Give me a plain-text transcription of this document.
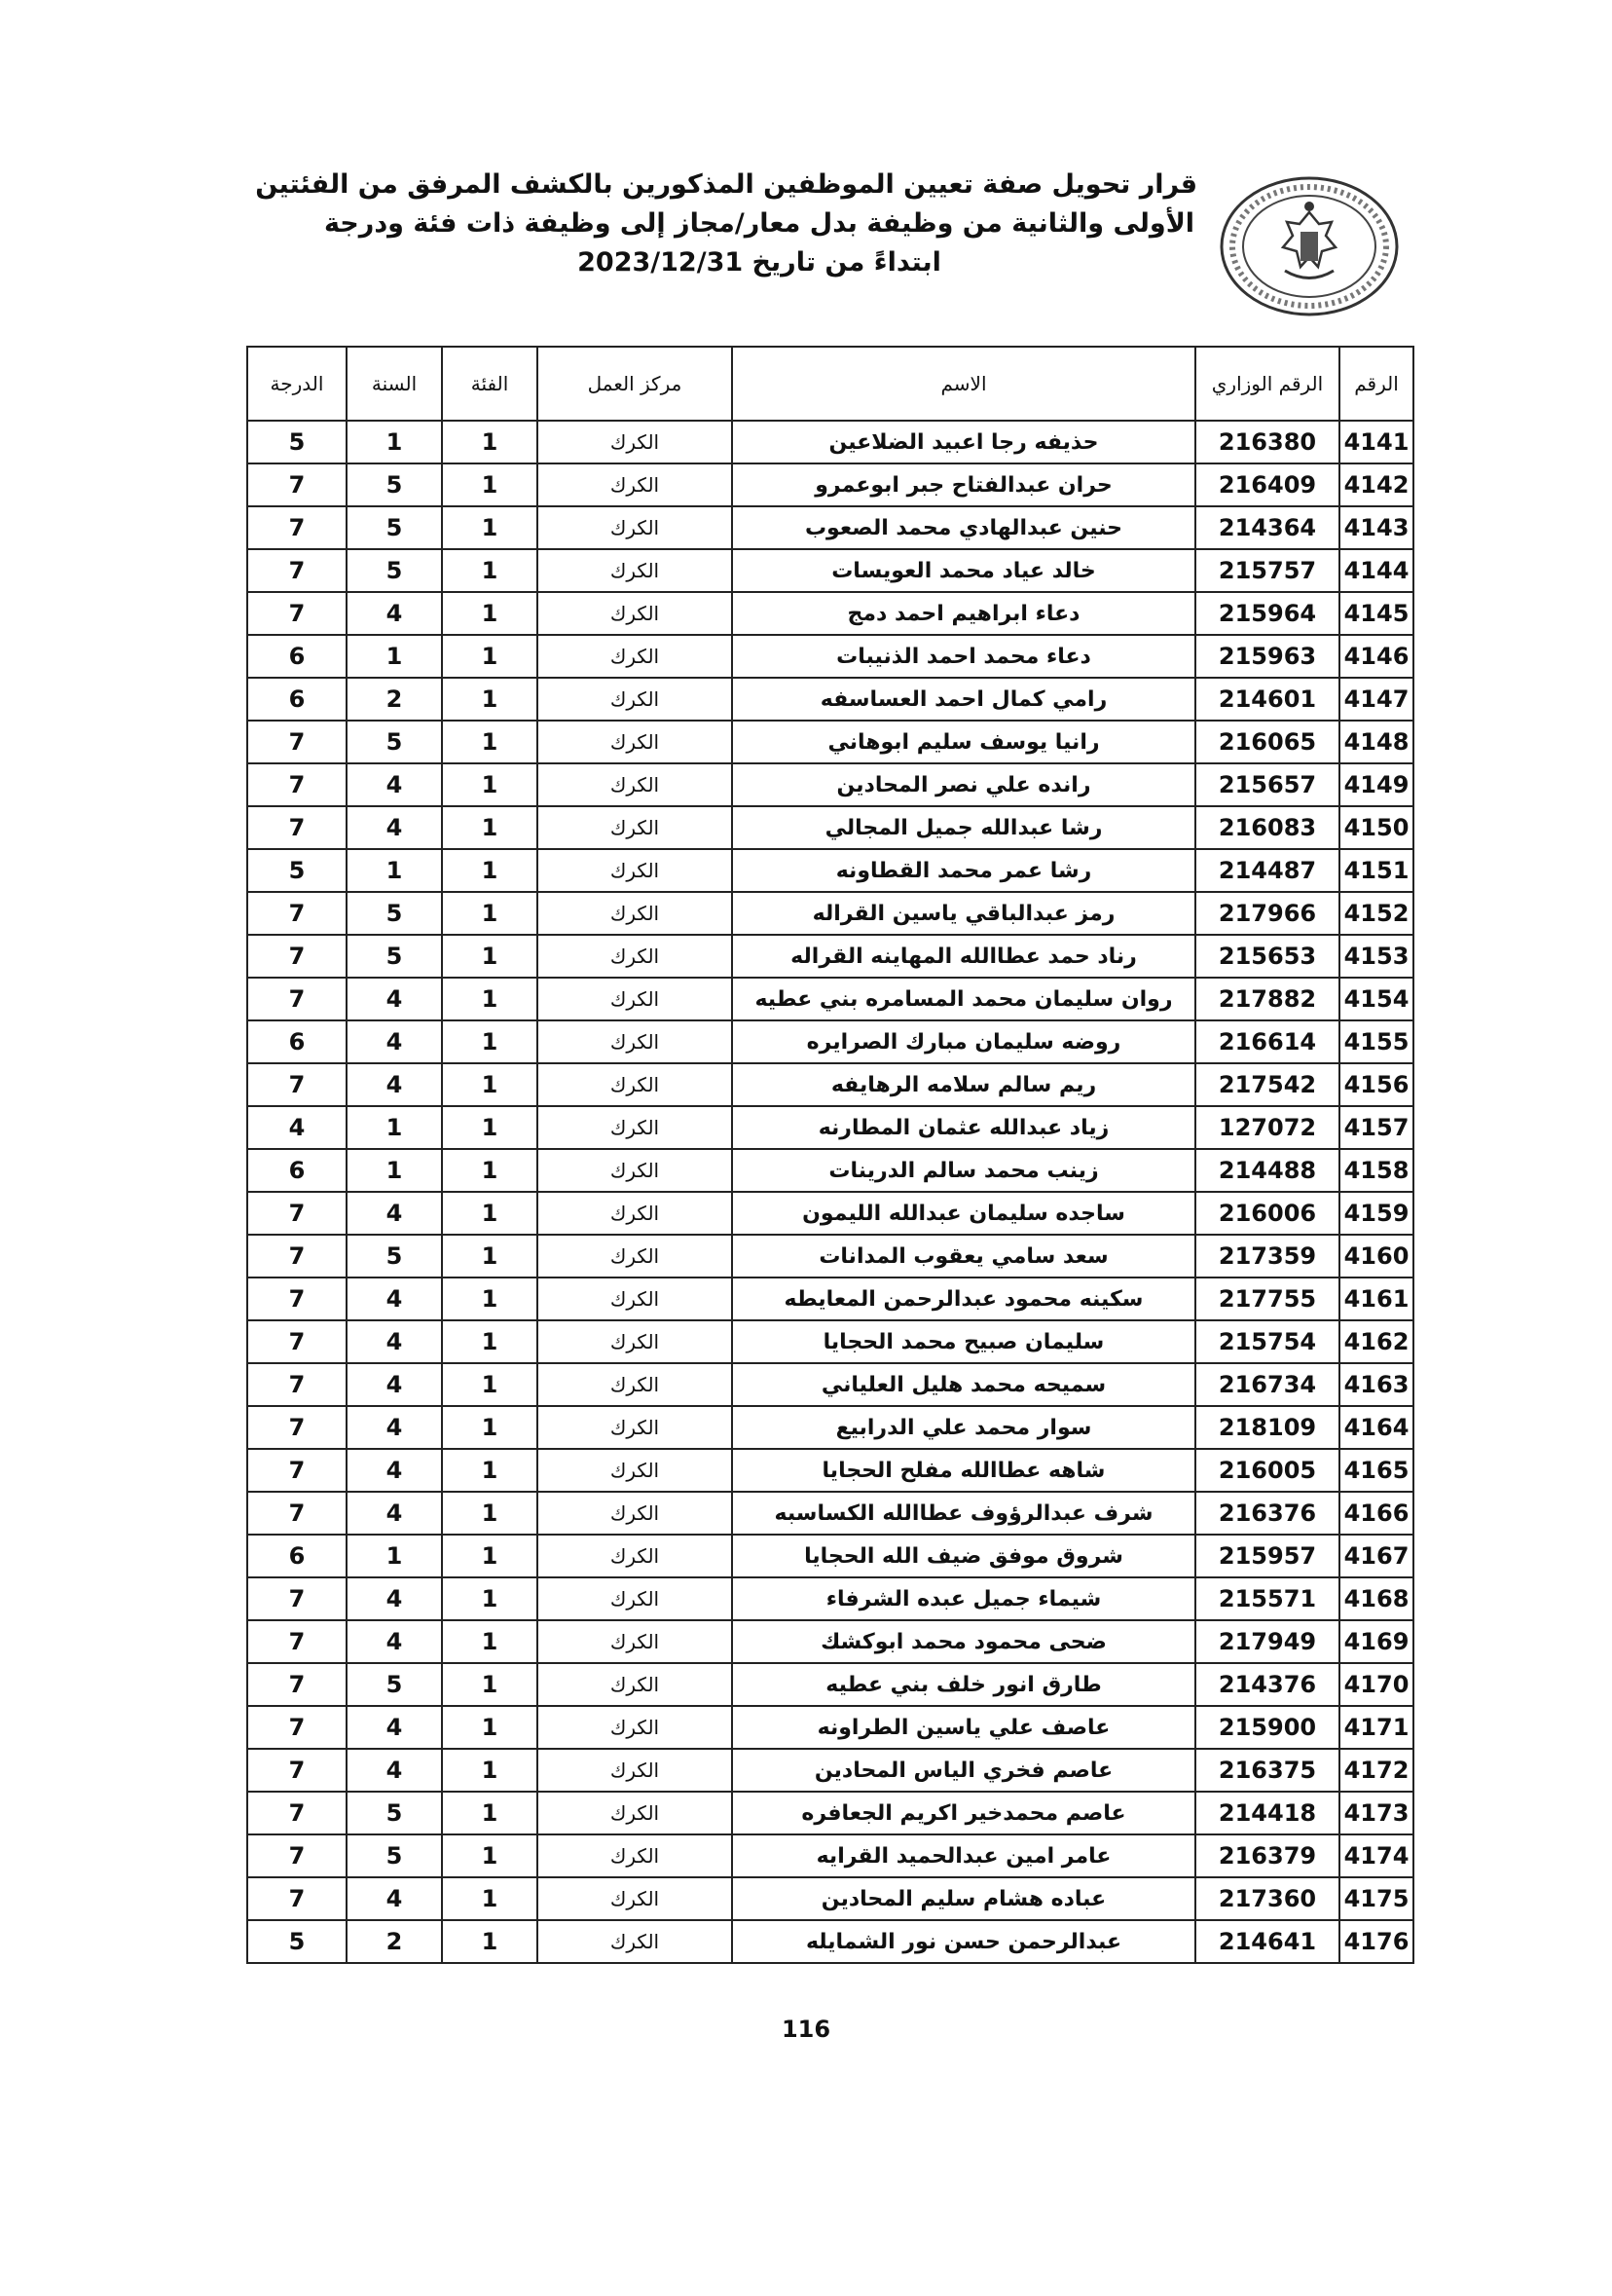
قرار تحويل صفة تعيين الموظفين المذكورين بالكشف المرفق من الفئتين
الأولى والثانية من وظيفة بدل معار/مجاز إلى وظيفة ذات فئة ودرجة
ابتداءً من تاريخ 2023/12/31
الرقم	الرقم الوزاري	الاسم	مركز العمل	الفئة	السنة	الدرجة
4141	216380	حذيفه رجا اعبيد الضلاعين	الكرك	1	1	5
4142	216409	حران عبدالفتاح جبر ابوعمرو	الكرك	1	5	7
4143	214364	حنين عبدالهادي محمد الصعوب	الكرك	1	5	7
4144	215757	خالد عياد محمد العويسات	الكرك	1	5	7
4145	215964	دعاء ابراهيم احمد دمج	الكرك	1	4	7
4146	215963	دعاء محمد احمد الذنيبات	الكرك	1	1	6
4147	214601	رامي كمال احمد العساسفه	الكرك	1	2	6
4148	216065	رانيا يوسف سليم ابوهاني	الكرك	1	5	7
4149	215657	رانده علي نصر المحادين	الكرك	1	4	7
4150	216083	رشا عبدالله جميل المجالي	الكرك	1	4	7
4151	214487	رشا عمر محمد القطاونه	الكرك	1	1	5
4152	217966	رمز عبدالباقي ياسين القراله	الكرك	1	5	7
4153	215653	رناد حمد عطاالله المهاينه القراله	الكرك	1	5	7
4154	217882	روان سليمان محمد المسامره بني عطيه	الكرك	1	4	7
4155	216614	روضه سليمان مبارك الصرايره	الكرك	1	4	6
4156	217542	ريم سالم سلامه الرهايفه	الكرك	1	4	7
4157	127072	زياد عبدالله عثمان المطارنه	الكرك	1	1	4
4158	214488	زينب محمد سالم الدرينات	الكرك	1	1	6
4159	216006	ساجده سليمان عبدالله الليمون	الكرك	1	4	7
4160	217359	سعد سامي يعقوب المدانات	الكرك	1	5	7
4161	217755	سكينه محمود عبدالرحمن المعايطه	الكرك	1	4	7
4162	215754	سليمان صبيح محمد الحجايا	الكرك	1	4	7
4163	216734	سميحه محمد هليل العلياني	الكرك	1	4	7
4164	218109	سوار محمد علي الدرابيع	الكرك	1	4	7
4165	216005	شاهه عطاالله مفلح الحجايا	الكرك	1	4	7
4166	216376	شرف عبدالرؤوف عطاالله الكساسبه	الكرك	1	4	7
4167	215957	شروق موفق ضيف الله الحجايا	الكرك	1	1	6
4168	215571	شيماء جميل عبده الشرفاء	الكرك	1	4	7
4169	217949	ضحى محمود محمد ابوكشك	الكرك	1	4	7
4170	214376	طارق انور خلف بني عطيه	الكرك	1	5	7
4171	215900	عاصف علي ياسين الطراونه	الكرك	1	4	7
4172	216375	عاصم فخري الياس المحادين	الكرك	1	4	7
4173	214418	عاصم محمدخير اكريم الجعافره	الكرك	1	5	7
4174	216379	عامر امين عبدالحميد القرايه	الكرك	1	5	7
4175	217360	عباده هشام سليم المحادين	الكرك	1	4	7
4176	214641	عبدالرحمن حسن نور الشمايله	الكرك	1	2	5
116
